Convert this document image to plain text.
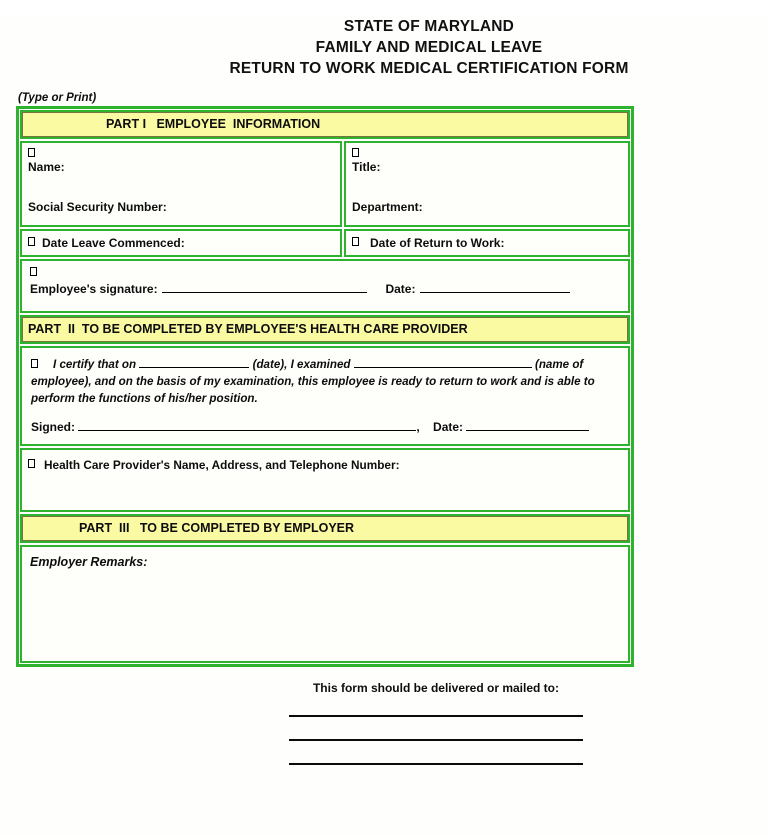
STATE OF MARYLAND
FAMILY AND MEDICAL LEAVE
RETURN TO WORK MEDICAL CERTIFICATION FORM
(Type or Print)
PART I   EMPLOYEE  INFORMATION
Name:
Social Security Number:
Title:
Department:
Date Leave Commenced:	Date of Return to Work:
Employee's signature:	Date:
PART  II  TO BE COMPLETED BY EMPLOYEE'S HEALTH CARE PROVIDER

I certify that on	(date), I examined	(name of employee), and on the basis of my examination, this employee is ready to return to work and is able to perform the functions of his/her position.

Signed:	, Date:
Health Care Provider's Name, Address, and Telephone Number:
PART  III   TO BE COMPLETED BY EMPLOYER
Employer Remarks:
This form should be delivered or mailed to:
